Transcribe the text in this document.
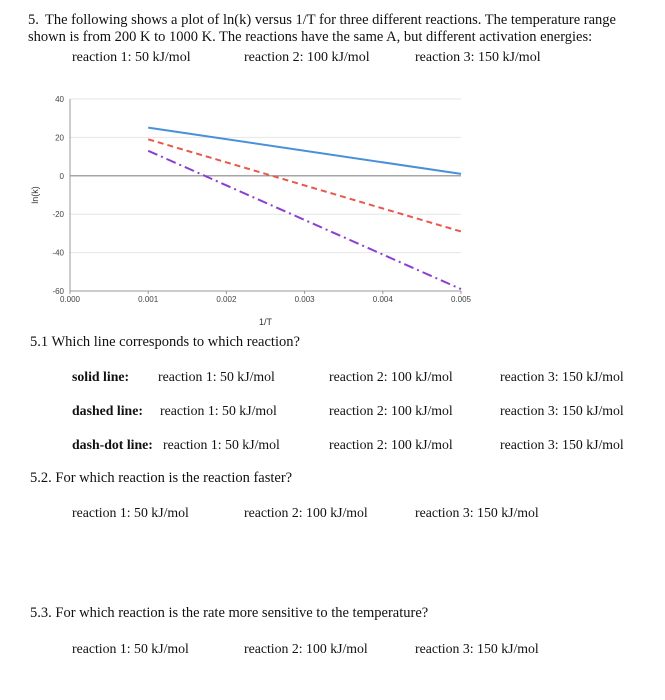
5. The following shows a plot of ln(k) versus 1/T for three different reactions. The temperature range
shown is from 200 K to 1000 K. The reactions have the same A, but different activation energies:
reaction 1: 50 kJ/mol	reaction 2: 100 kJ/mol	reaction 3: 150 kJ/mol
40
20
0
-20
-40
-60
0.000	0.001	0.002	0.003	0.004	0.005
ln(k)
1/T
5.1 Which line corresponds to which reaction?
solid line: reaction 1: 50 kJ/mol	reaction 2: 100 kJ/mol	reaction 3: 150 kJ/mol
dashed line: reaction 1: 50 kJ/mol	reaction 2: 100 kJ/mol	reaction 3: 150 kJ/mol
dash-dot line: reaction 1: 50 kJ/mol	reaction 2: 100 kJ/mol	reaction 3: 150 kJ/mol
5.2. For which reaction is the reaction faster?
reaction 1: 50 kJ/mol	reaction 2: 100 kJ/mol	reaction 3: 150 kJ/mol
5.3. For which reaction is the rate more sensitive to the temperature?
reaction 1: 50 kJ/mol	reaction 2: 100 kJ/mol	reaction 3: 150 kJ/mol
